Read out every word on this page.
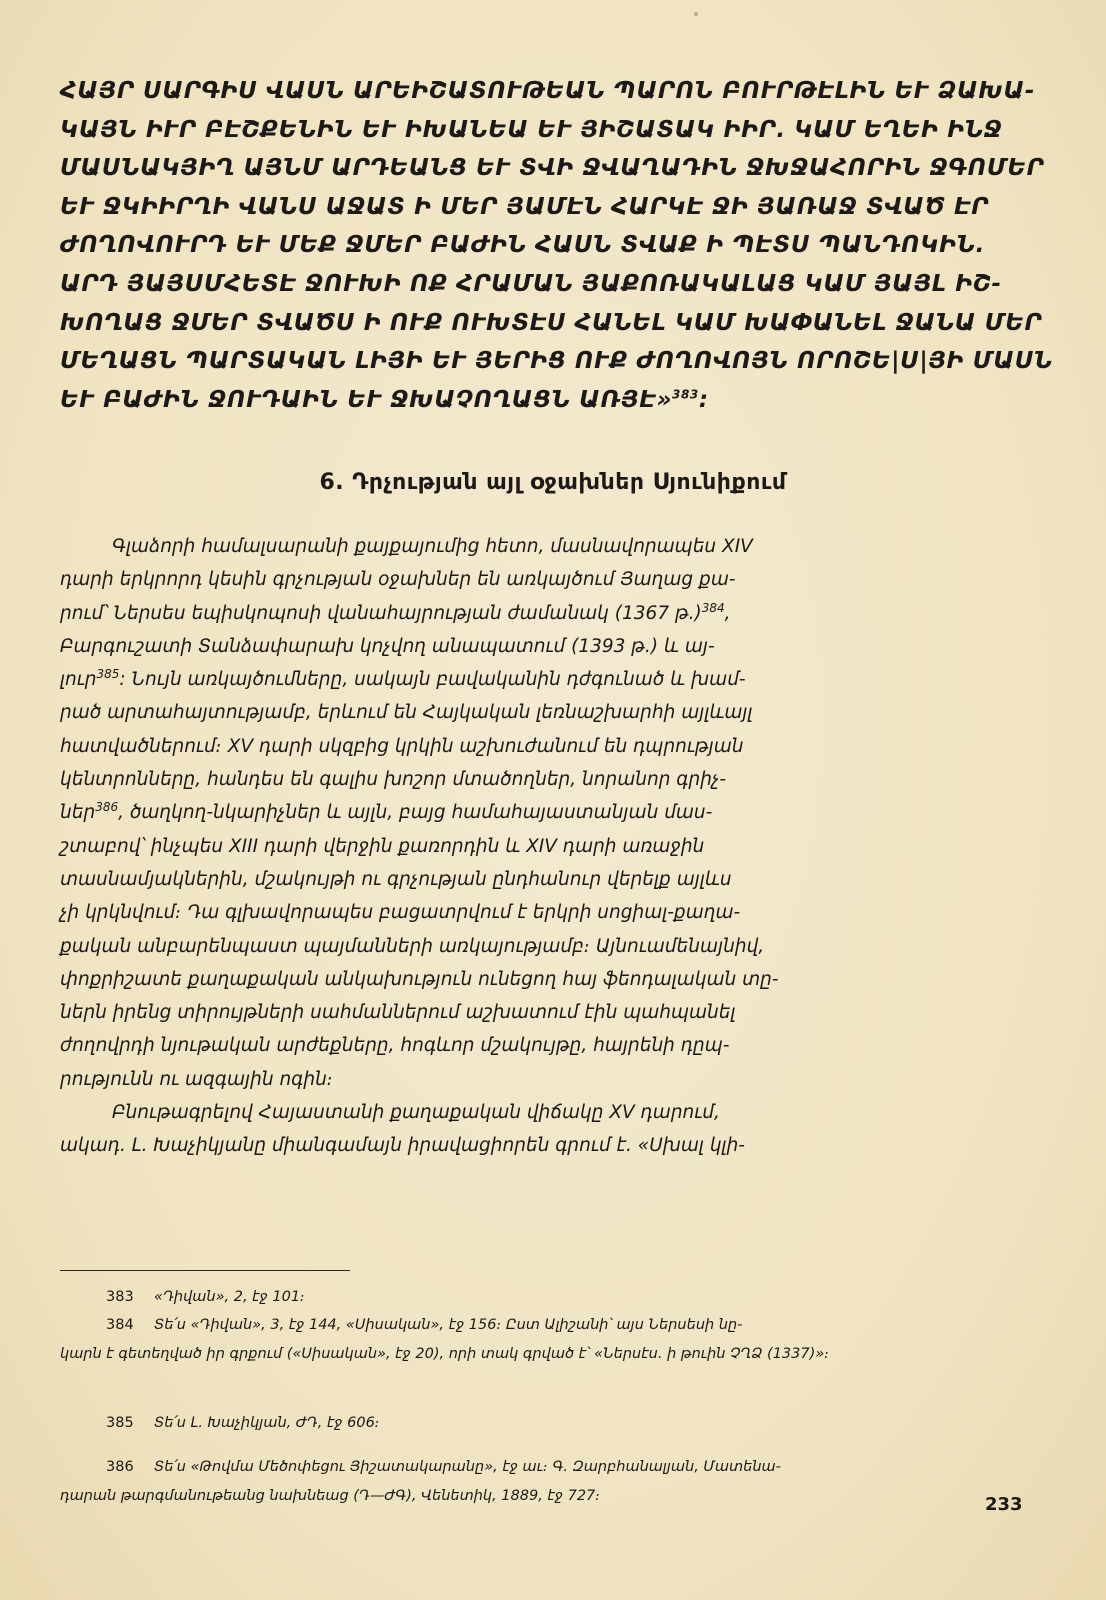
ՀԱՅՐ ՍԱՐԳԻՍ ՎԱՍՆ ԱՐԵԻՇԱՏՈՒԹԵԱՆ ՊԱՐՈՆ ԲՈՒՐԹԷԼԻՆ ԵՒ ՁԱԽԱ-
ԿԱՅՆ ԻՒՐ ԲԷՇՔԵՆԻՆ ԵՒ ԻԽԱՆԵԱ ԵՒ ՅԻՇԱՏԱԿ ԻԻՐ. ԿԱՄ ԵՂԵԻ ԻՆՋ
ՄԱՍՆԱԿՅԻՂ ԱՅՆՄ ԱՐԴԵԱՆՑ ԵՒ ՏՎԻ ՋՎԱՂԱԴԻՆ ՋԽՋԱՀՈՐԻՆ ՋԳՈՄԵՐ
ԵՒ ՋԿԻԻՐՂԻ ՎԱՆՍ ԱՋԱՏ Ի ՄԵՐ ՅԱՄԷՆ ՀԱՐԿԷ ՋԻ ՅԱՌԱՋ ՏՎԱԾ ԷՐ
ԺՈՂՈՎՈՒՐԴ ԵՒ ՄԵՔ ՋՄԵՐ ԲԱԺԻՆ ՀԱՍՆ ՏՎԱՔ Ի ՊԷՏՍ ՊԱՆԴՈԿԻՆ.
ԱՐԴ ՅԱՅՍՄՀԵՏԷ ՋՈՒԽԻ ՈՔ ՀՐԱՄԱՆ ՅԱՔՈՌԱԿԱԼԱՑ ԿԱՄ ՅԱՅԼ ԻՇ-
ԽՈՂԱՑ ՋՄԵՐ ՏՎԱԾՍ Ի ՈՒՔ ՈՒԽՏԷՍ ՀԱՆԵԼ ԿԱՄ ԽԱՓԱՆԵԼ ՋԱՆԱ ՄԵՐ
ՄԵՂԱՑՆ ՊԱՐՏԱԿԱՆ ԼԻՅԻ ԵՒ ՅԵՐԻՑ ՈՒՔ ԺՈՂՈՎՈՅՆ ՈՐՈՇԵ|Ս|ՅԻ ՄԱՍՆ
ԵՒ ԲԱԺԻՆ ՋՈՒԴԱԻՆ ԵՒ ՋԽԱՉՈՂԱՑՆ ԱՌՅԷ»$^{383}$:
6. Դրչության այլ օջախներ Սյունիքում
Գլաձորի համալսարանի քայքայումից հետո, մասնավորապես XIV
դարի երկրորդ կեսին գրչության օջախներ են առկայծում Յաղաց քա-
րում՝ Ներսես եպիսկոպոսի վանահայրության ժամանակ (1367 թ.)$^{384}$,
Բարգուշատի Տանձափարախ կոչվող անապատում (1393 թ.) և այ-
լուր$^{385}$: Նույն առկայծումները, սակայն բավականին դժգունած և խամ-
րած արտահայտությամբ, երևում են Հայկական լեռնաշխարհի այլևայլ
հատվածներում։ XV դարի սկզբից կրկին աշխուժանում են դպրության
կենտրոնները, հանդես են գալիս խոշոր մտածողներ, նորանոր գրիչ-
ներ$^{386}$, ծաղկող-նկարիչներ և այլն, բայց համահայաստանյան մաս-
շտաբով՝ ինչպես XIII դարի վերջին քառորդին և XIV դարի առաջին
տասնամյակներին, մշակույթի ու գրչության ընդհանուր վերելք այլևս
չի կրկնվում։ Դա գլխավորապես բացատրվում է երկրի սոցիալ-քաղա-
քական անբարենպաստ պայմանների առկայությամբ։ Այնուամենայնիվ,
փոքրիշատե քաղաքական անկախություն ունեցող հայ ֆեոդալական տը-
ներն իրենց տիրույթների սահմաններում աշխատում էին պահպանել
ժողովրդի նյութական արժեքները, հոգևոր մշակույթը, հայրենի դըպ-
րությունն ու ազգային ոգին։
Բնութագրելով Հայաստանի քաղաքական վիճակը XV դարում,
ակադ. Լ. Խաչիկյանը միանգամայն իրավացիորեն գրում է. «Սխալ կլի-
383 «Դիվան», 2, էջ 101։
384 Տե՛ս «Դիվան», 3, էջ 144, «Սիսական», էջ 156։ Ըստ Ալիշանի՝ այս Ներսեսի նը-
կարն է գետեղված իր գրքում («Սիսական», էջ 20), որի տակ գրված է՝ «Ներսէս. ի թուին ՉՂՁ (1337)»։
385 Տե՛ս Լ. Խաչիկյան, ԺԴ, էջ 606։
386 Տե՛ս «Թովմա Մեծոփեցու Յիշատակարանը», էջ աւ։ Գ. Զարբհանալյան, Մատենա-
դարան թարգմանութեանց նախնեաց (Դ—ԺԳ), Վենետիկ, 1889, էջ 727։	233
